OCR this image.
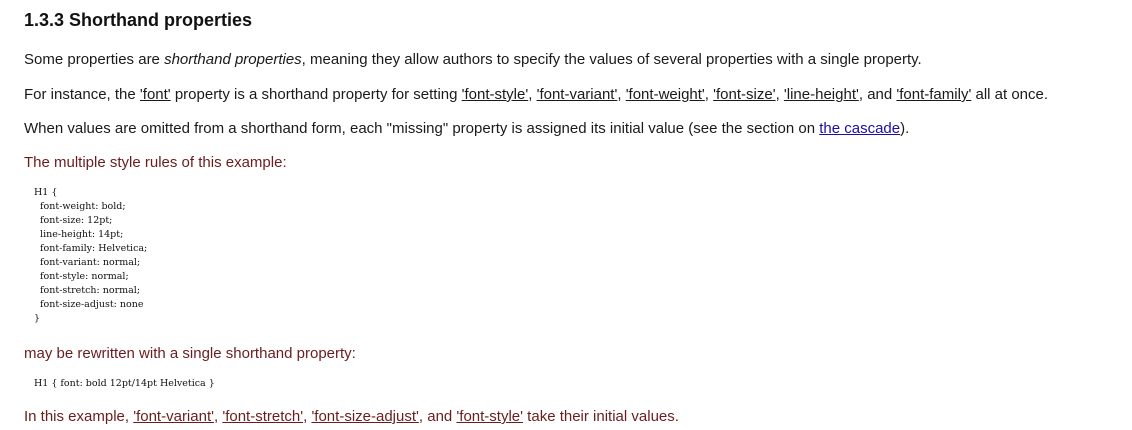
1.3.3 Shorthand properties

Some properties are shorthand properties, meaning they allow authors to specify the values of several properties with a single property.

For instance, the 'font' property is a shorthand property for setting 'font-style', 'font-variant', 'font-weight', 'font-size', 'line-height', and 'font-family' all at once.

When values are omitted from a shorthand form, each "missing" property is assigned its initial value (see the section on the cascade).

The multiple style rules of this example:

H1 {
font-weight: bold;
font-size: 12pt;
line-height: 14pt;
font-family: Helvetica;
font-variant: normal;
font-style: normal;
font-stretch: normal;
font-size-adjust: none
}

may be rewritten with a single shorthand property:

H1 { font: bold 12pt/14pt Helvetica }

In this example, 'font-variant', 'font-stretch', 'font-size-adjust', and 'font-style' take their initial values.
